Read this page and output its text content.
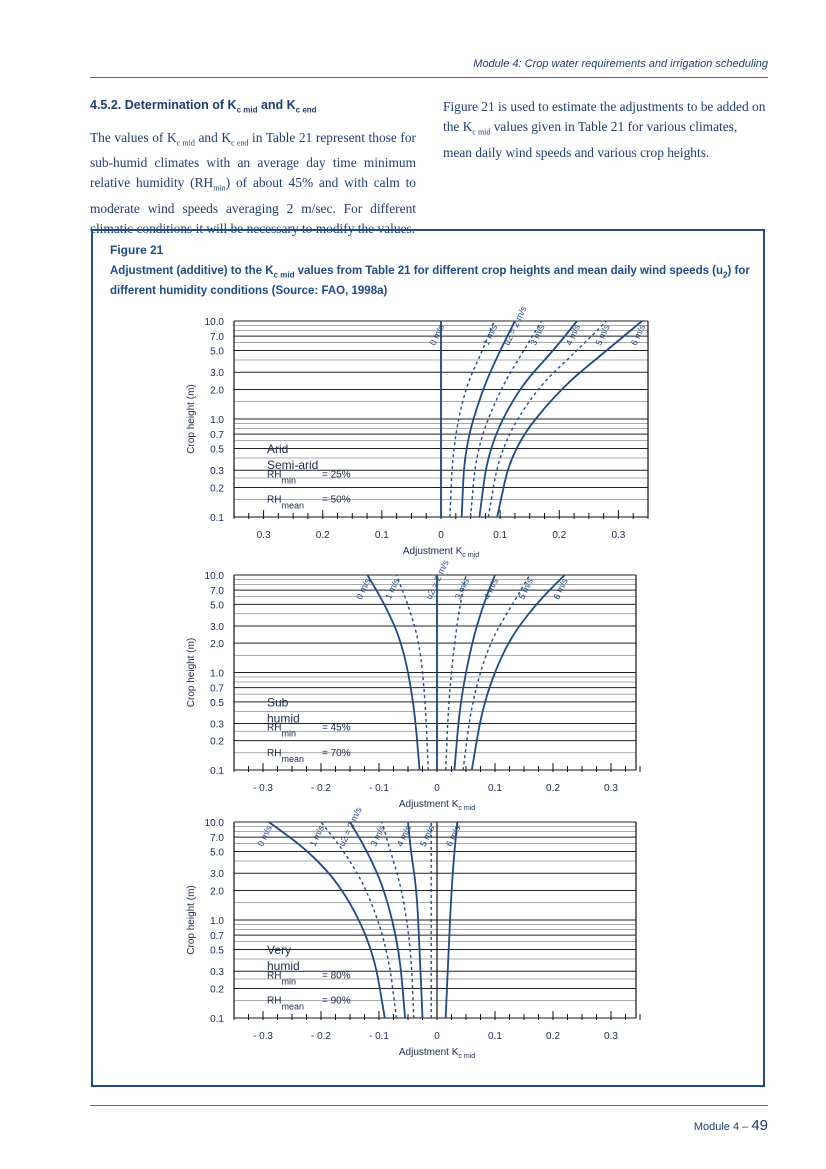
Module 4: Crop water requirements and irrigation scheduling
4.5.2. Determination of $K_{c mid}$ and $K_{c end}$

The values of $K_{c mid}$ and $K_{c end}$ in Table 21 represent those for sub-humid climates with an average day time minimum relative humidity $(RH_{min})$ of about 45% and with calm to moderate wind speeds averaging 2 m/sec. For different climatic conditions it will be necessary to modify the values.

Figure 21 is used to estimate the adjustments to be added on the $K_{c mid}$ values given in Table 21 for various climates, mean daily wind speeds and various crop heights.

Figure 21
Adjustment (additive) to the $K_{c mid}$ values from Table 21 for different crop heights and mean daily wind speeds $(u_2)$ for different humidity conditions (Source: FAO, 1998a)
0.3	0.2	0.1	0	0.1	0.2	0.3
10.0
7.0
5.0
3.0
2.0
1.0
0.7
0.5
0.3
0.2
0.1
Adjustment $K_{c mid}$
Crop height (m)
0 m/s	1 m/s u2 = 2 m/s 3 m/s 4 m/s 5 m/s 6 m/s
Arid
Semi-arid
RHmin	= 25%
RHmean = 50%
- 0.3	- 0.2	- 0.1	0	0.1	0.2	0.3
10.0
7.0
5.0
3.0
2.0
1.0
0.7
0.5
0.3
0.2
0.1
Adjustment $K_{c mid}$
Crop height (m)
0 m/s 1 m/s u2 = 2 m/s 3 m/s 4 m/s 5 m/s 6 m/s
Sub
humid
RHmin	= 45%
RHmean = 70%
- 0.3	- 0.2	- 0.1	0	0.1	0.2	0.3
10.0
7.0
5.0
3.0
2.0
1.0
0.7
0.5
0.3
0.2
0.1
Adjustment $K_{c mid}$
Crop height (m)
0 m/s	1 m/s u2 = 2 m/s 3 m/s 4 m/s 5 m/s 6 m/s
Very
humid
RHmin	= 80%
RHmean = 90%
Module 4 – 49
